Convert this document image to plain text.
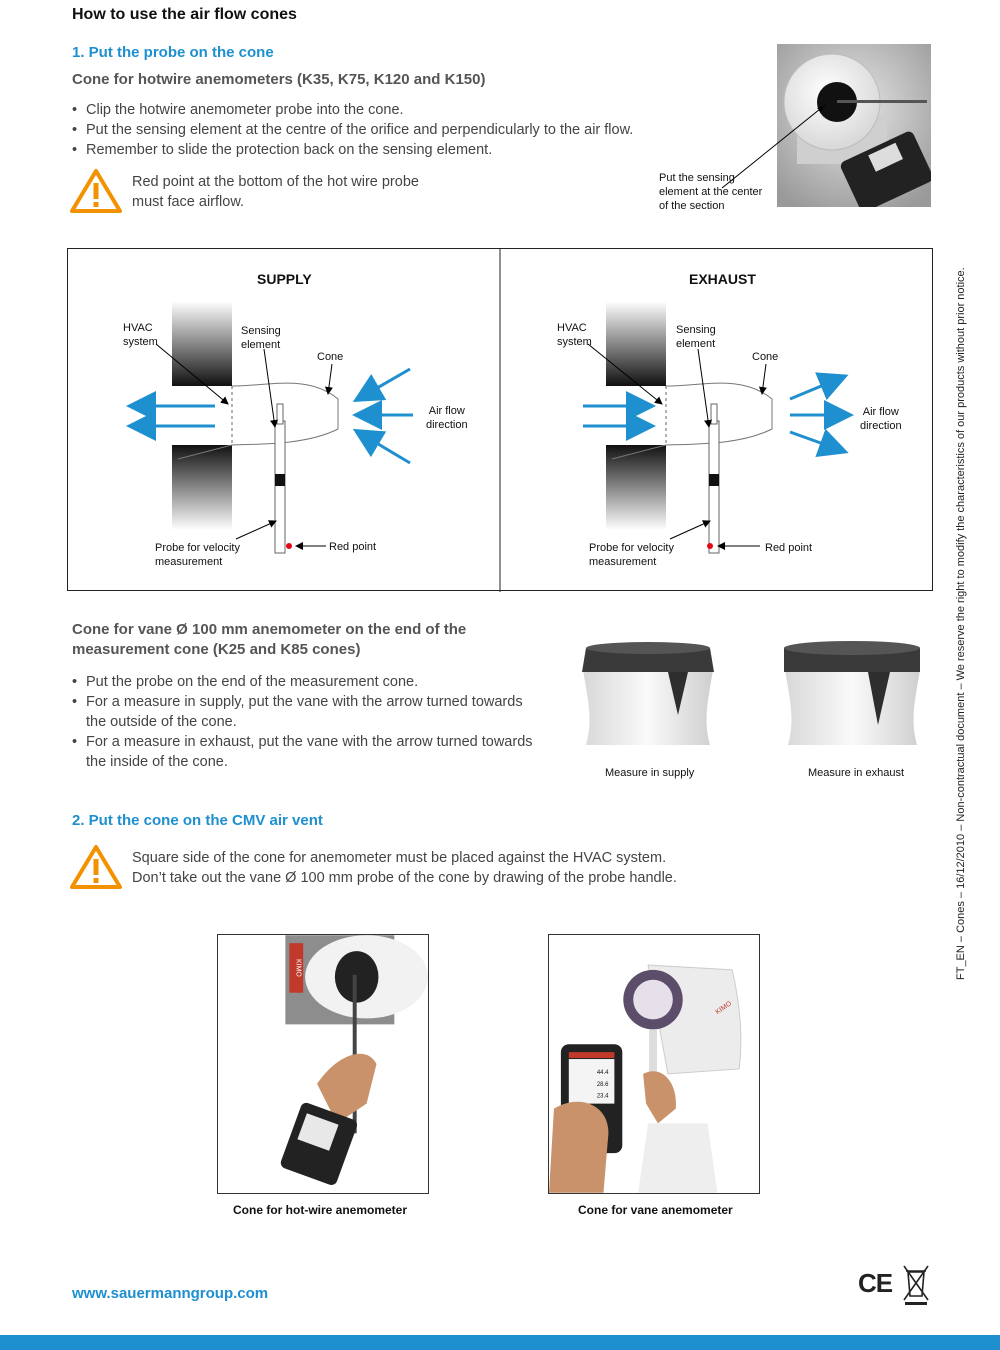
How to use the air flow cones
1. Put the probe on the cone
Cone for hotwire anemometers (K35, K75, K120 and K150)
• Clip the hotwire anemometer probe into the cone.
• Put the sensing element at the centre of the orifice and perpendicularly to the air flow.
• Remember to slide the protection back on the sensing element.
Red point at the bottom of the hot wire probe
must face airflow.
Put the sensing
element at the center
of the section
SUPPLY
HVAC
system
Sensing
element
Cone
Air flow
direction
Probe for velocity
measurement
Red point
EXHAUST
HVAC
system
Sensing
element
Cone
Air flow
direction
Probe for velocity
measurement
Red point
Cone for vane Ø 100 mm anemometer on the end of the
measurement cone (K25 and K85 cones)
• Put the probe on the end of the measurement cone.
• For a measure in supply, put the vane with the arrow turned towards the outside of the cone.
• For a measure in exhaust, put the vane with the arrow turned towards the inside of the cone.
Measure in supply	Measure in exhaust
2. Put the cone on the CMV air vent
Square side of the cone for anemometer must be placed against the HVAC system.
Don’t take out the vane Ø 100 mm probe of the cone by drawing of the probe handle.
KIMO
KIMO
44.4
28.6
23.4
Cone for hot-wire anemometer	Cone for vane anemometer
FT_EN – Cones – 16/12/2010 – Non-contractual document – We reserve the right to modify the characteristics of our products without prior notice.
www.sauermanngroup.com	CE
